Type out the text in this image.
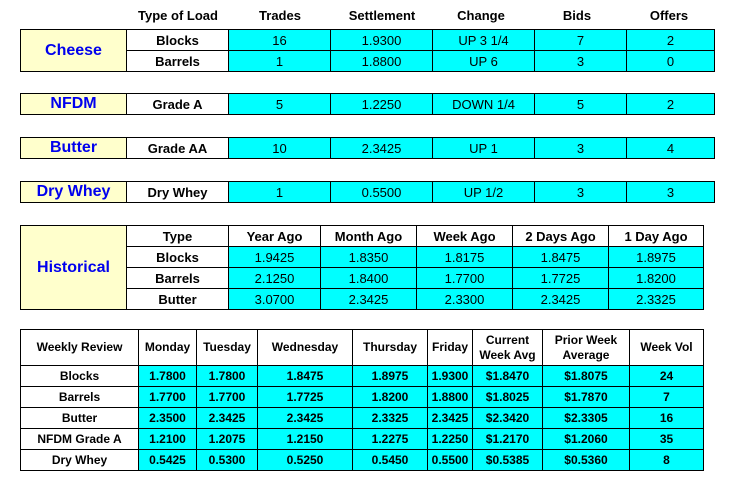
	Type of Load	Trades	Settlement	Change	Bids	Offers
Cheese	Blocks	16	1.9300	UP 3 1/4	7	2
	Barrels	1	1.8800	UP 6	3	0
NFDM	Grade A	5	1.2250	DOWN 1/4	5	2
Butter	Grade AA	10	2.3425	UP 1	3	4
Dry Whey	Dry Whey	1	0.5500	UP 1/2	3	3
Historical	Type	Year Ago	Month Ago	Week Ago	2 Days Ago	1 Day Ago
	Blocks	1.9425	1.8350	1.8175	1.8475	1.8975
	Barrels	2.1250	1.8400	1.7700	1.7725	1.8200
	Butter	3.0700	2.3425	2.3300	2.3425	2.3325
Weekly Review	Monday	Tuesday	Wednesday	Thursday	Friday	Current Week Avg	Prior Week Average	Week Vol
Blocks	1.7800	1.7800	1.8475	1.8975	1.9300	$1.8470	$1.8075	24
Barrels	1.7700	1.7700	1.7725	1.8200	1.8800	$1.8025	$1.7870	7
Butter	2.3500	2.3425	2.3425	2.3325	2.3425	$2.3420	$2.3305	16
NFDM Grade A	1.2100	1.2075	1.2150	1.2275	1.2250	$1.2170	$1.2060	35
Dry Whey	0.5425	0.5300	0.5250	0.5450	0.5500	$0.5385	$0.5360	8
